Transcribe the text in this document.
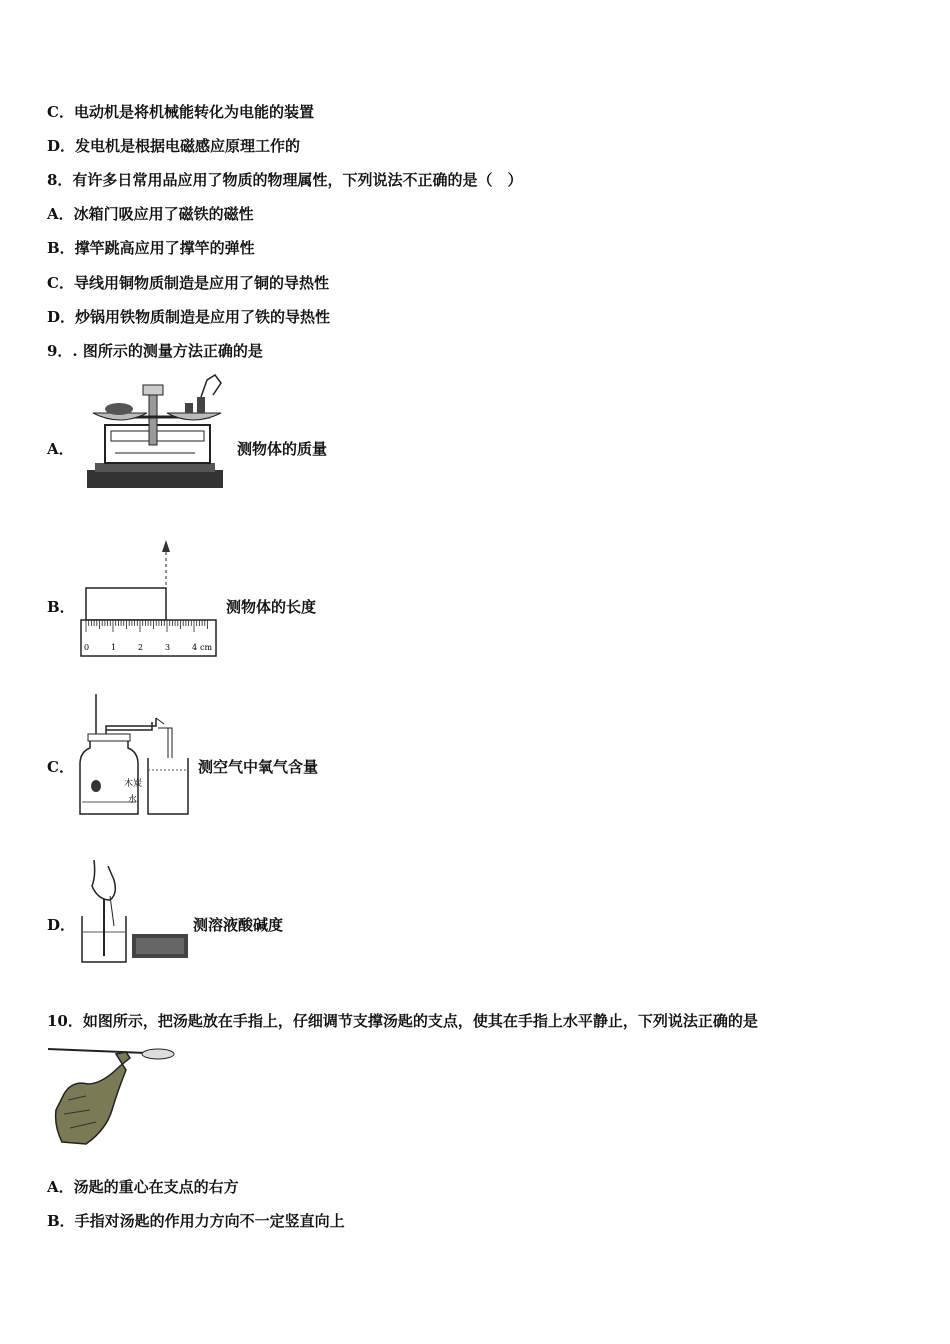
C．电动机是将机械能转化为电能的装置
D．发电机是根据电磁感应原理工作的
8．有许多日常用品应用了物质的物理属性，下列说法不正确的是（　）
A．冰箱门吸应用了磁铁的磁性
B．撑竿跳高应用了撑竿的弹性
C．导线用铜物质制造是应用了铜的导热性
D．炒锅用铁物质制造是应用了铁的导热性
9．. 图所示的测量方法正确的是
A．	测物体的质量
B．
0	1	2	3	4 cm
测物体的长度
C．
木炭
水
测空气中氧气含量
D．	测溶液酸碱度
10．如图所示，把汤匙放在手指上，仔细调节支撑汤匙的支点，使其在手指上水平静止，下列说法正确的是
A．汤匙的重心在支点的右方
B．手指对汤匙的作用力方向不一定竖直向上
